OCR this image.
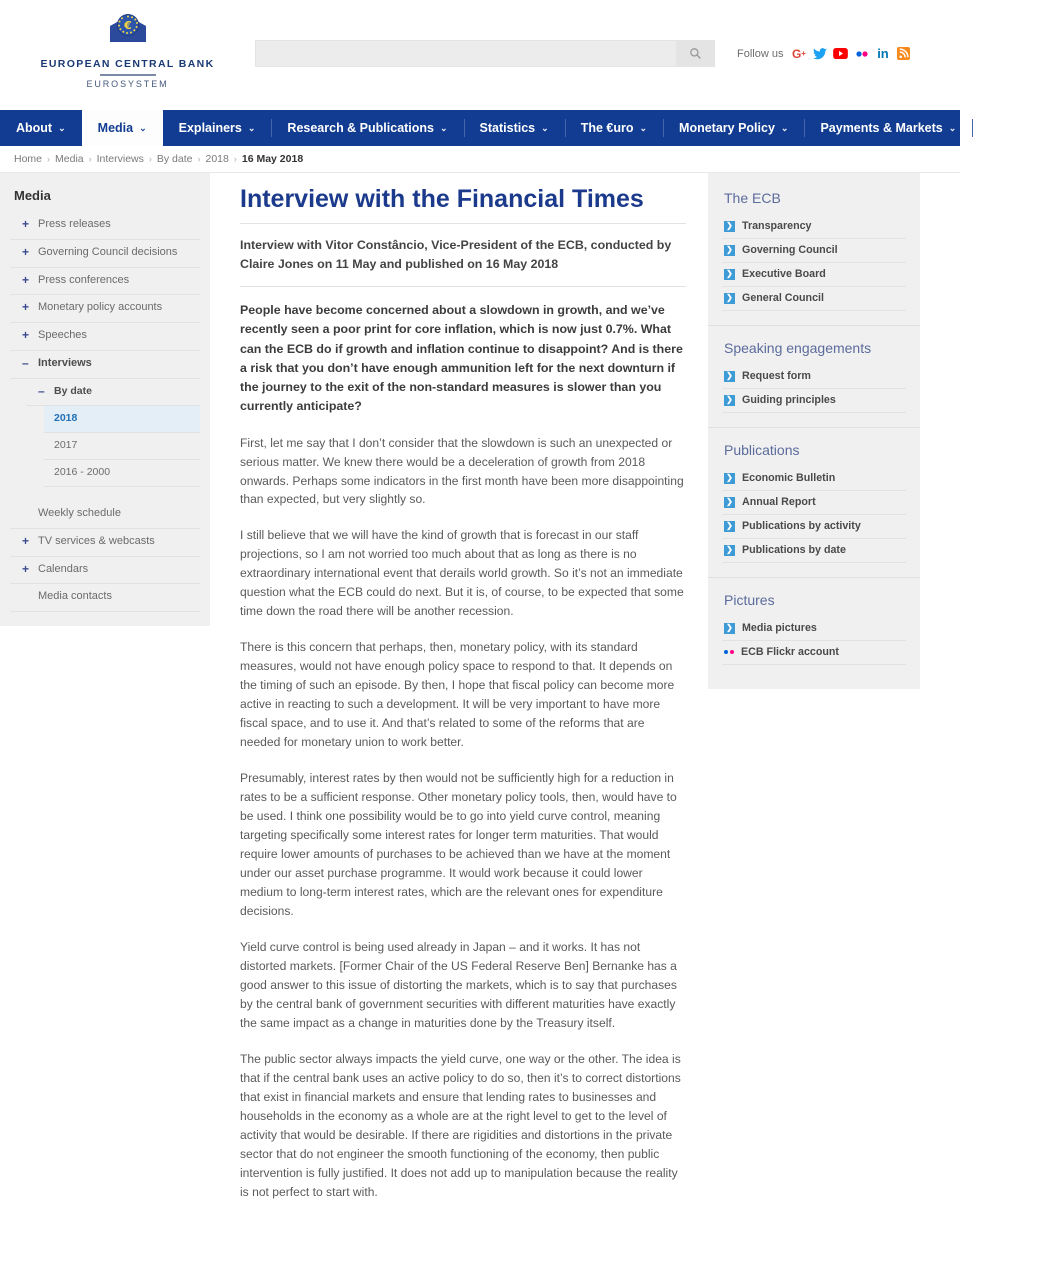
€
EUROPEAN CENTRAL BANK
EUROSYSTEM
Follow us G +	in
About ⌄	Media ⌄	Explainers ⌄	Research & Publications ⌄	Statistics ⌄	The €uro ⌄	Monetary Policy ⌄	Payments & Markets ⌄	Careers ⌄
Home › Media › Interviews › By date › 2018 › 16 May 2018
Media
+ Press releases
+ Governing Council decisions
+ Press conferences
+ Monetary policy accounts
+ Speeches
– Interviews
– By date
2018
2017
2016 - 2000
Weekly schedule
+ TV services & webcasts
+ Calendars
Media contacts
Interview with the Financial Times
Interview with Vitor Constâncio, Vice-President of the ECB, conducted by Claire Jones on 11 May and published on 16 May 2018

People have become concerned about a slowdown in growth, and we’ve recently seen a poor print for core inflation, which is now just 0.7%. What can the ECB do if growth and inflation continue to disappoint? And is there a risk that you don’t have enough ammunition left for the next downturn if the journey to the exit of the non-standard measures is slower than you currently anticipate?

First, let me say that I don’t consider that the slowdown is such an unexpected or serious matter. We knew there would be a deceleration of growth from 2018 onwards. Perhaps some indicators in the first month have been more disappointing than expected, but very slightly so.

I still believe that we will have the kind of growth that is forecast in our staff projections, so I am not worried too much about that as long as there is no extraordinary international event that derails world growth. So it’s not an immediate question what the ECB could do next. But it is, of course, to be expected that some time down the road there will be another recession.

There is this concern that perhaps, then, monetary policy, with its standard measures, would not have enough policy space to respond to that. It depends on the timing of such an episode. By then, I hope that fiscal policy can become more active in reacting to such a development. It will be very important to have more fiscal space, and to use it. And that’s related to some of the reforms that are needed for monetary union to work better.

Presumably, interest rates by then would not be sufficiently high for a reduction in rates to be a sufficient response. Other monetary policy tools, then, would have to be used. I think one possibility would be to go into yield curve control, meaning targeting specifically some interest rates for longer term maturities. That would require lower amounts of purchases to be achieved than we have at the moment under our asset purchase programme. It would work because it could lower medium to long-term interest rates, which are the relevant ones for expenditure decisions.

Yield curve control is being used already in Japan – and it works. It has not distorted markets. [Former Chair of the US Federal Reserve Ben] Bernanke has a good answer to this issue of distorting the markets, which is to say that purchases by the central bank of government securities with different maturities have exactly the same impact as a change in maturities done by the Treasury itself.

The public sector always impacts the yield curve, one way or the other. The idea is that if the central bank uses an active policy to do so, then it’s to correct distortions that exist in financial markets and ensure that lending rates to businesses and households in the economy as a whole are at the right level to get to the level of activity that would be desirable. If there are rigidities and distortions in the private sector that do not engineer the smooth functioning of the economy, then public intervention is fully justified. It does not add up to manipulation because the reality is not perfect to start with.

The ECB
❯ Transparency
❯ Governing Council
❯ Executive Board
❯ General Council
Speaking engagements
❯ Request form
❯ Guiding principles
Publications
❯ Economic Bulletin
❯ Annual Report
❯ Publications by activity
❯ Publications by date
Pictures
❯ Media pictures
ECB Flickr account
